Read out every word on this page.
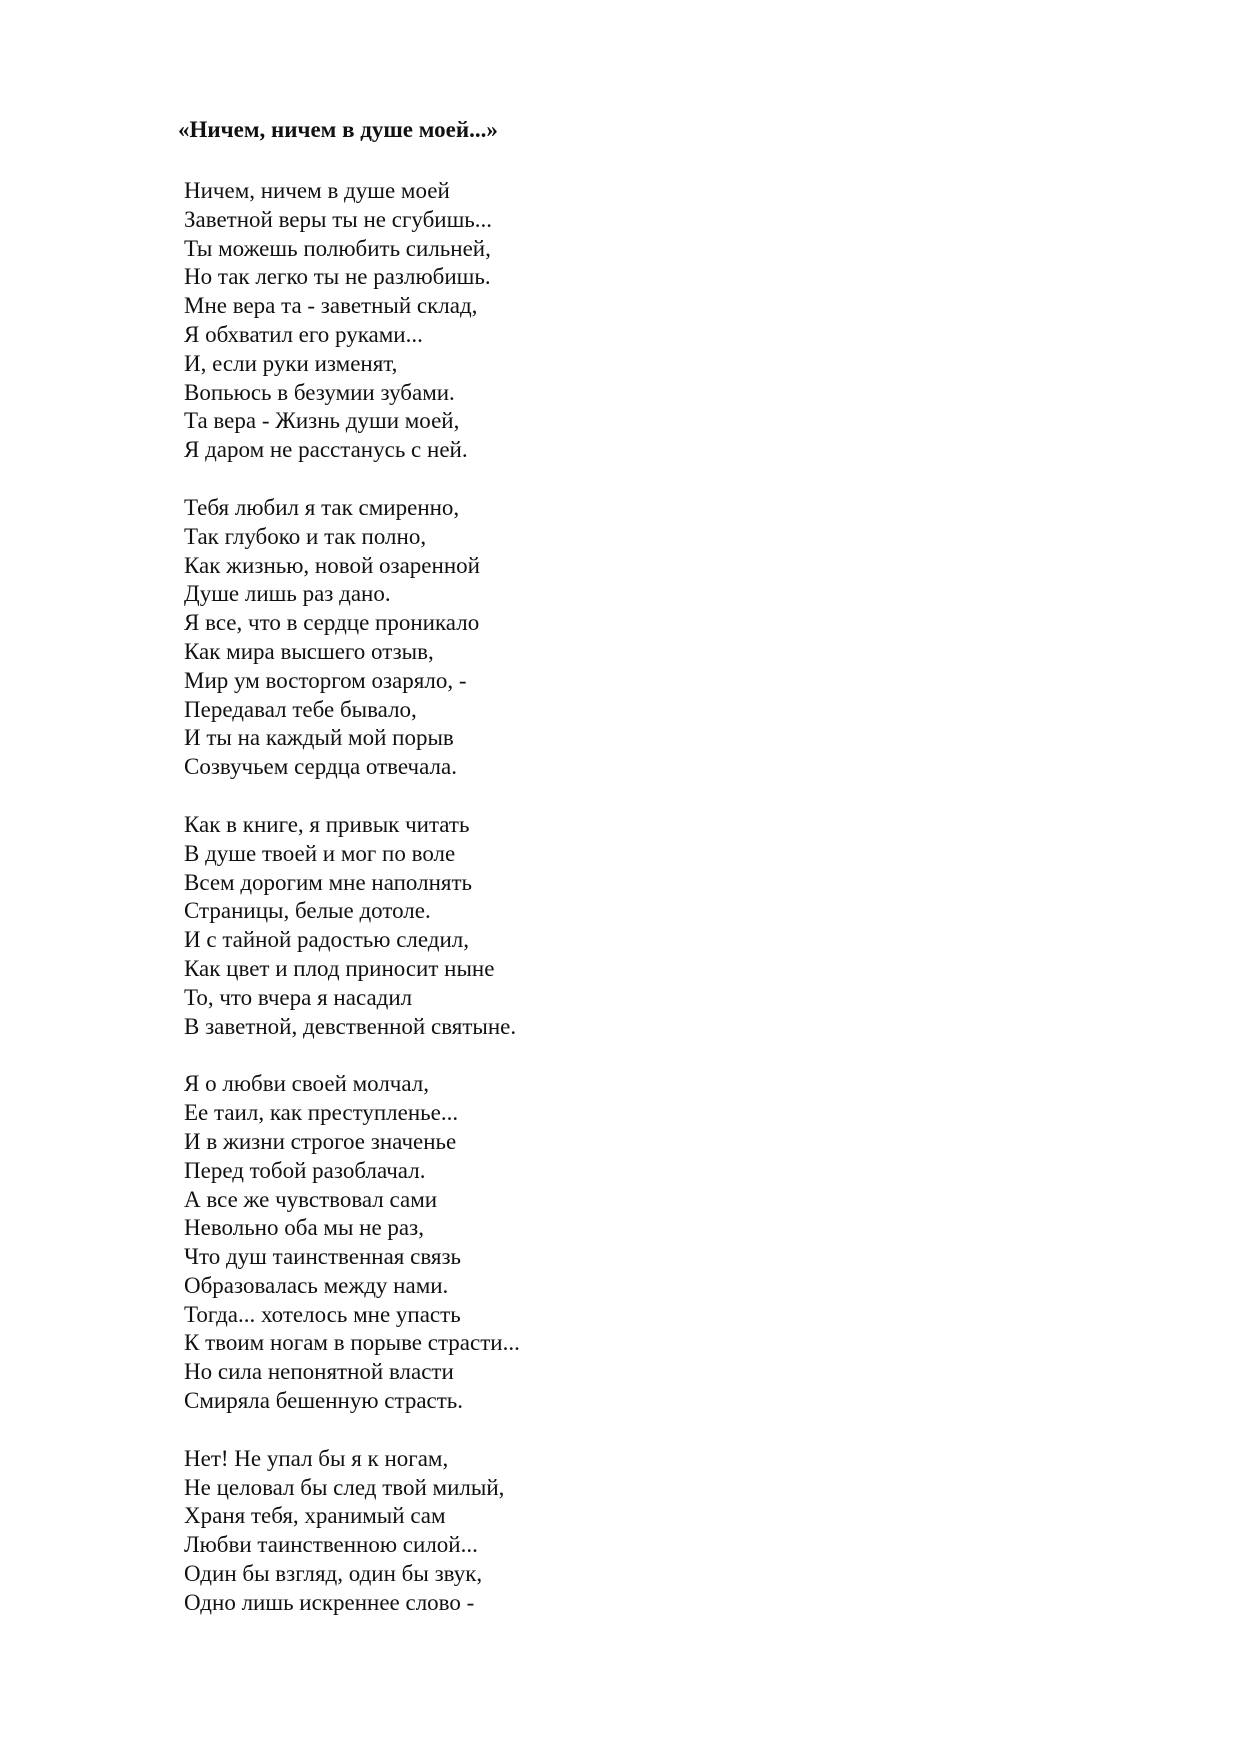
«Ничем, ничем в душе моей...»
Ничем, ничем в душе моей
Заветной веры ты не сгубишь...
Ты можешь полюбить сильней,
Но так легко ты не разлюбишь.
Мне вера та - заветный склад,
Я обхватил его руками...
И, если руки изменят,
Вопьюсь в безумии зубами.
Та вера - Жизнь души моей,
Я даром не расстанусь с ней.
Тебя любил я так смиренно,
Так глубоко и так полно,
Как жизнью, новой озаренной
Душе лишь раз дано.
Я все, что в сердце проникало
Как мира высшего отзыв,
Мир ум восторгом озаряло, -
Передавал тебе бывало,
И ты на каждый мой порыв
Созвучьем сердца отвечала.
Как в книге, я привык читать
В душе твоей и мог по воле
Всем дорогим мне наполнять
Страницы, белые дотоле.
И с тайной радостью следил,
Как цвет и плод приносит ныне
То, что вчера я насадил
В заветной, девственной святыне.
Я о любви своей молчал,
Ее таил, как преступленье...
И в жизни строгое значенье
Перед тобой разоблачал.
А все же чувствовал сами
Невольно оба мы не раз,
Что душ таинственная связь
Образовалась между нами.
Тогда... хотелось мне упасть
К твоим ногам в порыве страсти...
Но сила непонятной власти
Смиряла бешенную страсть.
Нет! Не упал бы я к ногам,
Не целовал бы след твой милый,
Храня тебя, хранимый сам
Любви таинственною силой...
Один бы взгляд, один бы звук,
Одно лишь искреннее слово -
